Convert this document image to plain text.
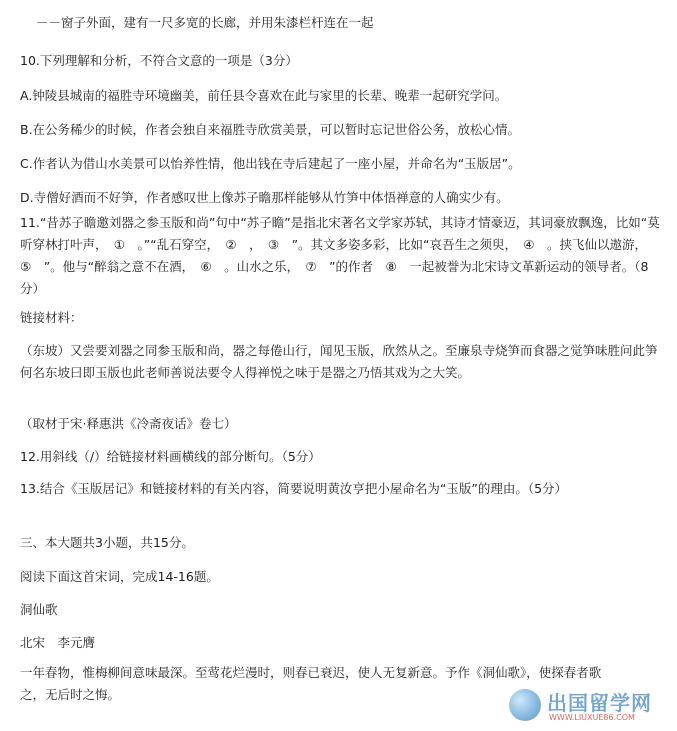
－－窗子外面，建有一尺多宽的长廊，并用朱漆栏杆连在一起
10.下列理解和分析，不符合文意的一项是（3分）
A.钟陵县城南的福胜寺环境幽美，前任县令喜欢在此与家里的长辈、晚辈一起研究学问。
B.在公务稀少的时候，作者会独自来福胜寺欣赏美景，可以暂时忘记世俗公务，放松心情。
C.作者认为借山水美景可以怡养性情，他出钱在寺后建起了一座小屋，并命名为“玉版居”。
D.寺僧好酒而不好笋，作者感叹世上像苏子瞻那样能够从竹笋中体悟禅意的人确实少有。
11.“昔苏子瞻邀刘器之参玉版和尚”句中“苏子瞻”是指北宋著名文学家苏轼，其诗才情豪迈，其词豪放飘逸，比如“莫听穿林打叶声，　①　。”“乱石穿空，　②　，　③　”。其文多姿多彩，比如“哀吾生之须臾，　④　。挟飞仙以遨游，　⑤　”。他与“醉翁之意不在酒，　⑥　。山水之乐，　⑦　”的作者　⑧　一起被誉为北宋诗文革新运动的领导者。（8分）
链接材料：
（东坡）又尝要刘器之同参玉版和尚，器之每倦山行，闻见玉版，欣然从之。至廉泉寺烧笋而食器之觉笋味胜问此笋何名东坡曰即玉版也此老师善说法要令人得禅悦之味于是器之乃悟其戏为之大笑。
（取材于宋·释惠洪《冷斋夜话》卷七）
12.用斜线（/）给链接材料画横线的部分断句。（5分）
13.结合《玉版居记》和链接材料的有关内容，简要说明黄汝亨把小屋命名为“玉版”的理由。（5分）
三、本大题共3小题，共15分。
阅读下面这首宋词，完成14-16题。
洞仙歌
北宋　李元膺
一年春物，惟梅柳间意味最深。至莺花烂漫时，则春已衰迟，使人无复新意。予作《洞仙歌》，使探春者歌之，无后时之悔。	出国留学网
WWW.LIUXUE86.COM
